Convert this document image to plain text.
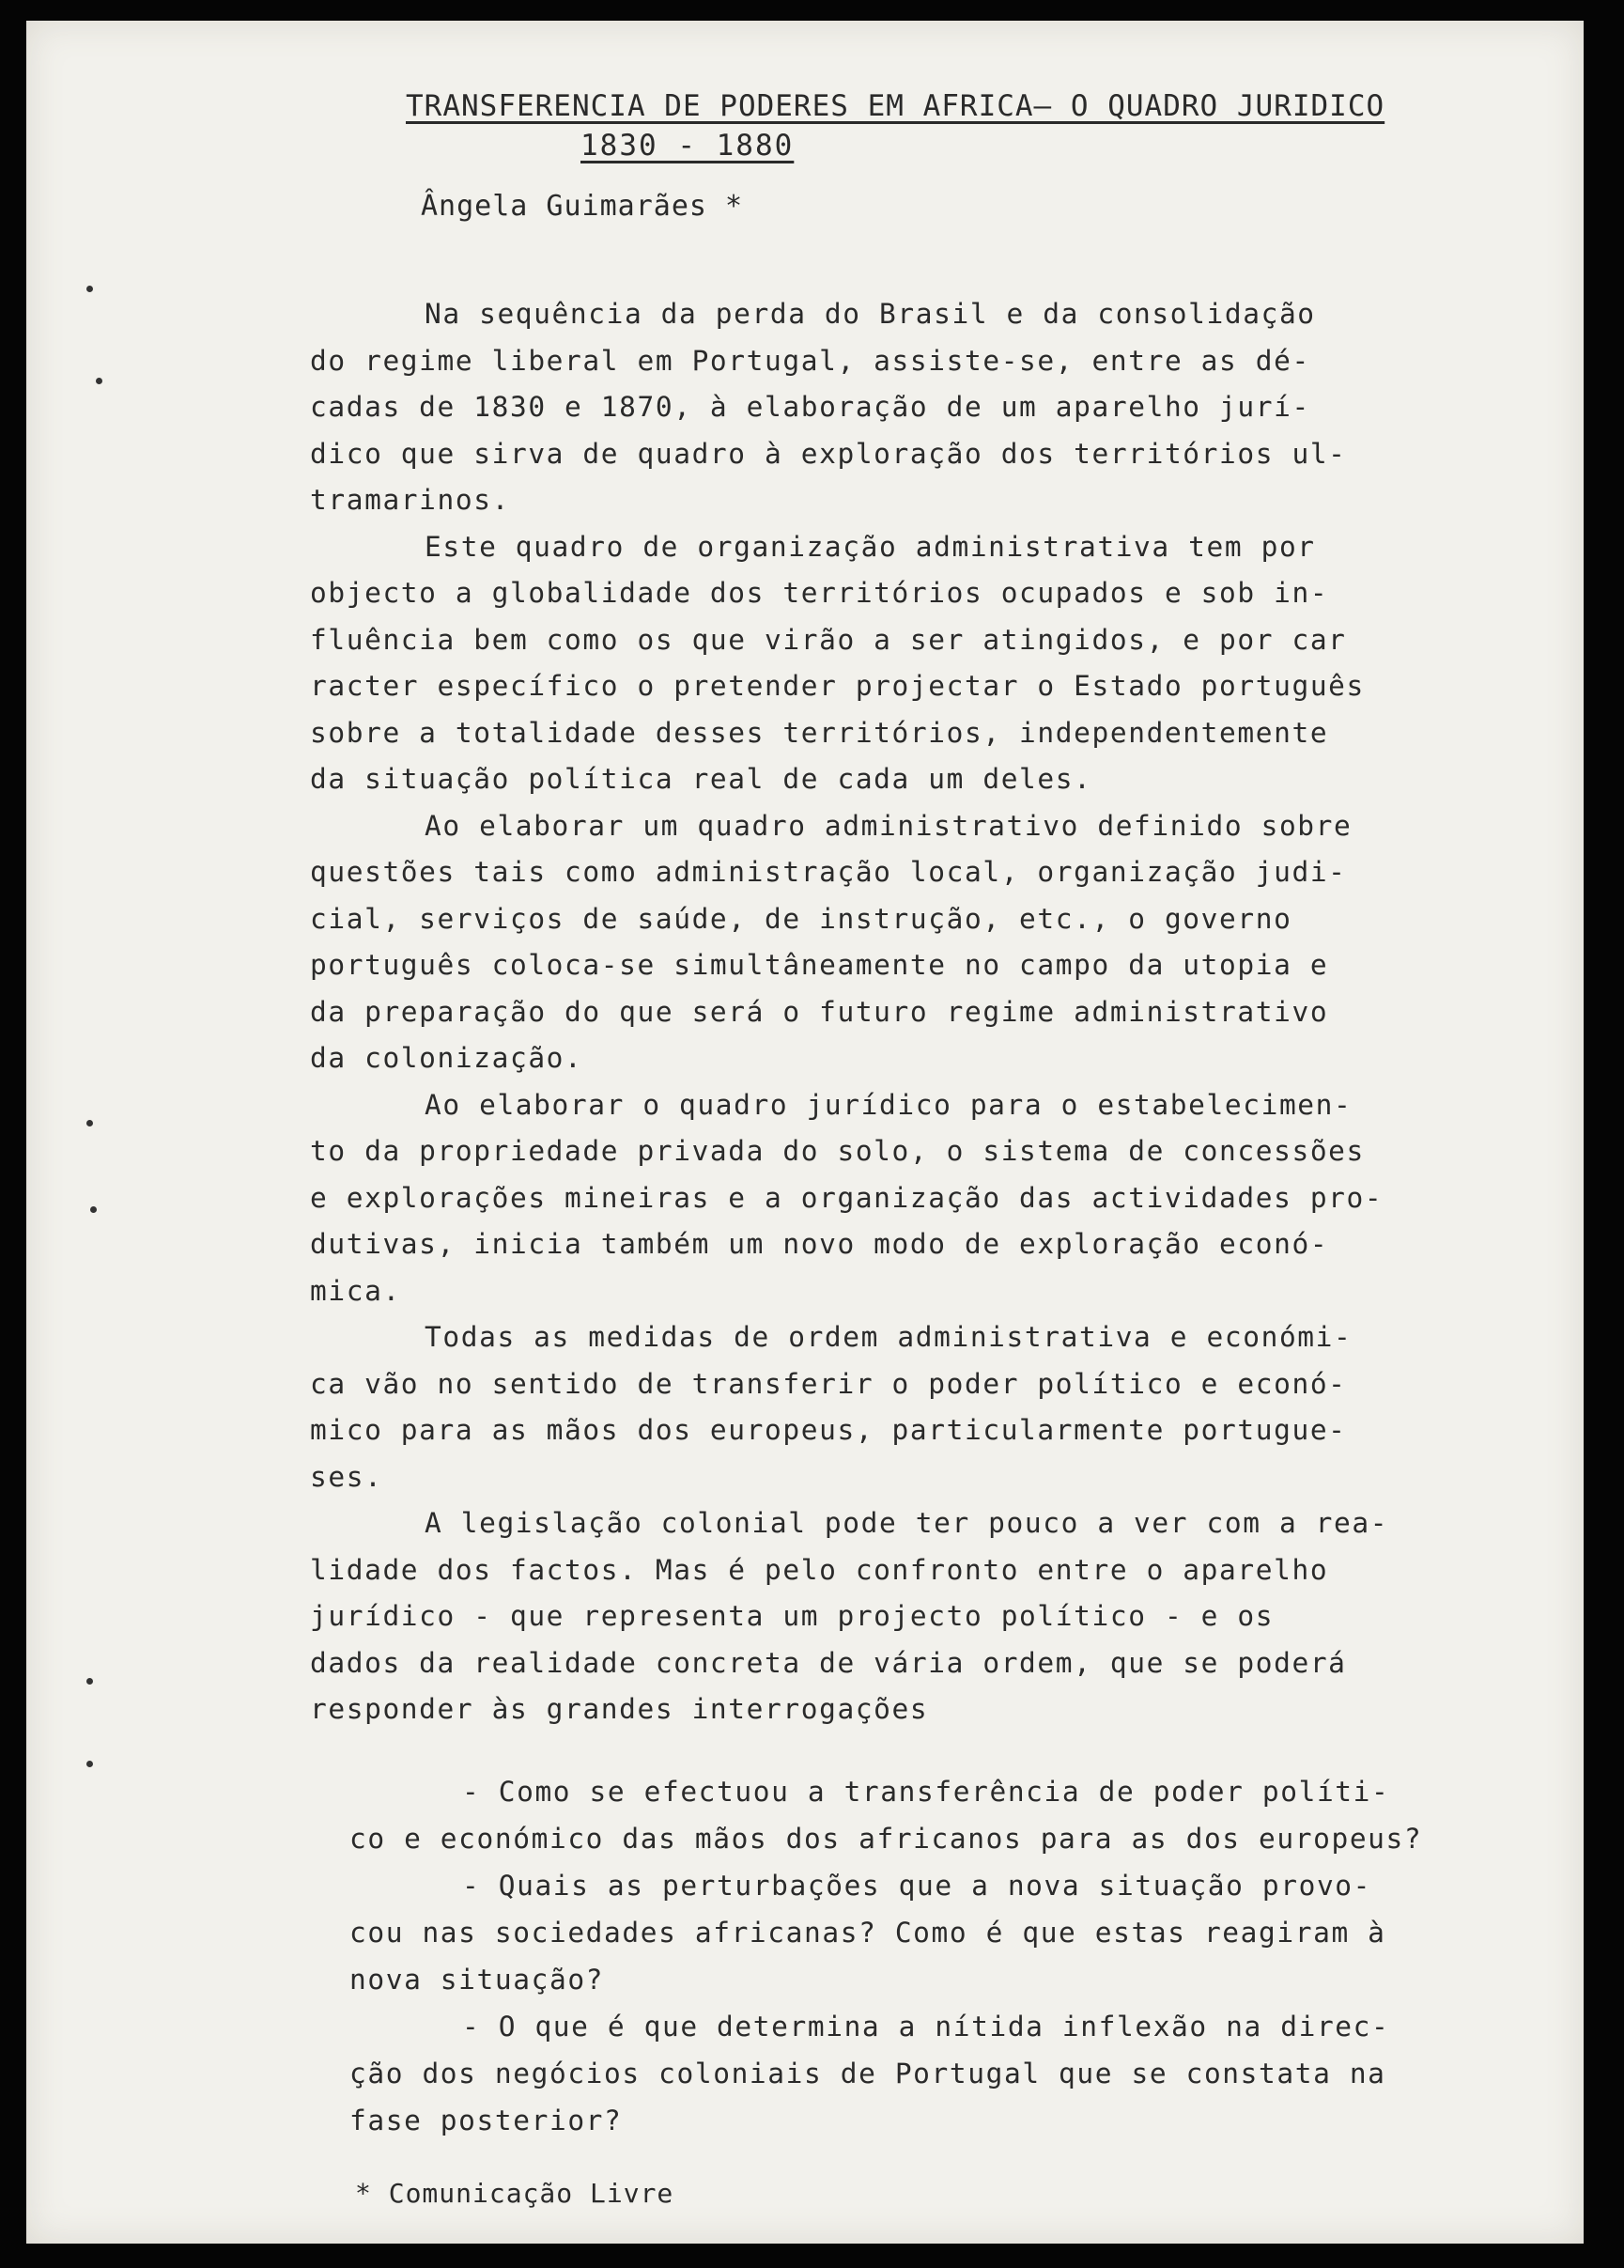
TRANSFERENCIA DE PODERES EM AFRICA— O QUADRO JURIDICO
1830 - 1880
Ângela Guimarães *
Na sequência da perda do Brasil e da consolidação
do regime liberal em Portugal, assiste-se, entre as dé-
cadas de 1830 e 1870, à elaboração de um aparelho jurí-
dico que sirva de quadro à exploração dos territórios ul-
tramarinos.
Este quadro de organização administrativa tem por
objecto a globalidade dos territórios ocupados e sob in-
fluência bem como os que virão a ser atingidos, e por car
racter específico o pretender projectar o Estado português
sobre a totalidade desses territórios, independentemente
da situação política real de cada um deles.
Ao elaborar um quadro administrativo definido sobre
questões tais como administração local, organização judi-
cial, serviços de saúde, de instrução, etc., o governo
português coloca-se simultâneamente no campo da utopia e
da preparação do que será o futuro regime administrativo
da colonização.
Ao elaborar o quadro jurídico para o estabelecimen-
to da propriedade privada do solo, o sistema de concessões
e explorações mineiras e a organização das actividades pro-
dutivas, inicia também um novo modo de exploração econó-
mica.
Todas as medidas de ordem administrativa e económi-
ca vão no sentido de transferir o poder político e econó-
mico para as mãos dos europeus, particularmente portugue-
ses.
A legislação colonial pode ter pouco a ver com a rea-
lidade dos factos. Mas é pelo confronto entre o aparelho
jurídico - que representa um projecto político - e os
dados da realidade concreta de vária ordem, que se poderá
responder às grandes interrogações
- Como se efectuou a transferência de poder políti-
co e económico das mãos dos africanos para as dos europeus?
- Quais as perturbações que a nova situação provo-
cou nas sociedades africanas? Como é que estas reagiram à
nova situação?
- O que é que determina a nítida inflexão na direc-
ção dos negócios coloniais de Portugal que se constata na
fase posterior?
* Comunicação Livre
